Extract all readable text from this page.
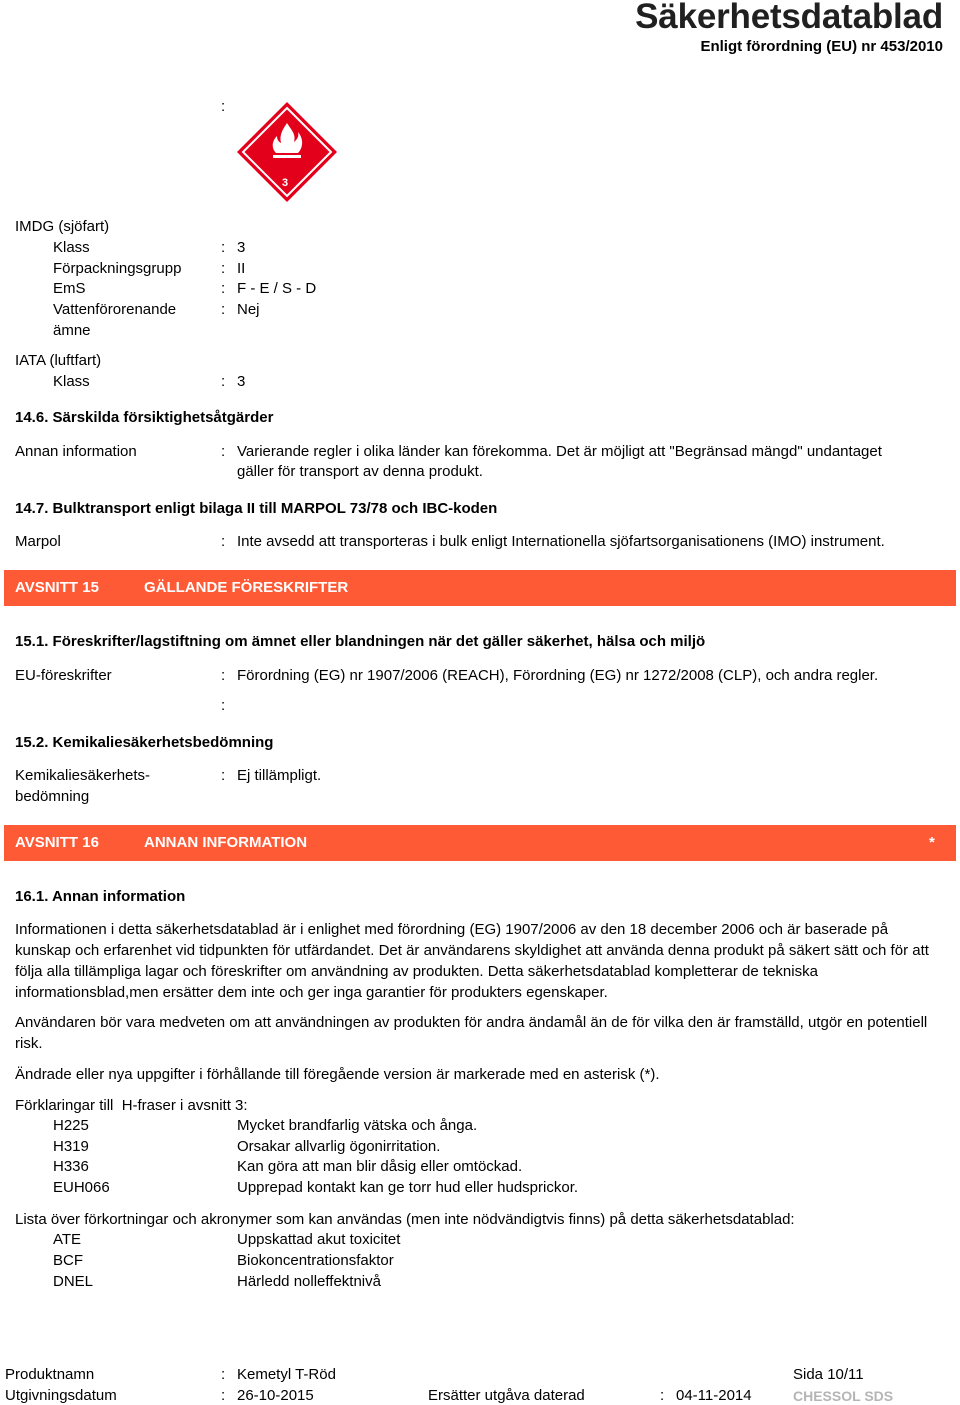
Säkerhetsdatablad
Enligt förordning (EU) nr 453/2010
:
3
IMDG (sjöfart)
Klass	: 3
Förpackningsgrupp	: II
EmS	: F - E / S - D
Vattenförorenande
ämne
: Nej
IATA (luftfart)
Klass	: 3
14.6. Särskilda försiktighetsåtgärder
Annan information	: Varierande regler i olika länder kan förekomma. Det är möjligt att "Begränsad mängd" undantaget
gäller för transport av denna produkt.
14.7. Bulktransport enligt bilaga II till MARPOL 73/78 och IBC-koden
Marpol	: Inte avsedd att transporteras i bulk enligt Internationella sjöfartsorganisationens (IMO) instrument.
AVSNITT 15	GÄLLANDE FÖRESKRIFTER
15.1. Föreskrifter/lagstiftning om ämnet eller blandningen när det gäller säkerhet, hälsa och miljö
EU-föreskrifter	: Förordning (EG) nr 1907/2006 (REACH), Förordning (EG) nr 1272/2008 (CLP), och andra regler.
:
15.2. Kemikaliesäkerhetsbedömning
Kemikaliesäkerhets-
bedömning
: Ej tillämpligt.
AVSNITT 16	ANNAN INFORMATION	*
16.1. Annan information
Informationen i detta säkerhetsdatablad är i enlighet med förordning (EG) 1907/2006 av den 18 december 2006 och är baserade på kunskap och erfarenhet vid tidpunkten för utfärdandet. Det är användarens skyldighet att använda denna produkt på säkert sätt och för att följa alla tillämpliga lagar och föreskrifter om användning av produkten. Detta säkerhetsdatablad kompletterar de tekniska informationsblad,men ersätter dem inte och ger inga garantier för produkters egenskaper.
Användaren bör vara medveten om att användningen av produkten för andra ändamål än de för vilka den är framställd, utgör en potentiell risk.
Ändrade eller nya uppgifter i förhållande till föregående version är markerade med en asterisk (*).
Förklaringar till  H-fraser i avsnitt 3:
H225	Mycket brandfarlig vätska och ånga.
H319	Orsakar allvarlig ögonirritation.
H336	Kan göra att man blir dåsig eller omtöckad.
EUH066	Upprepad kontakt kan ge torr hud eller hudsprickor.
Lista över förkortningar och akronymer som kan användas (men inte nödvändigtvis finns) på detta säkerhetsdatablad:
ATE	Uppskattad akut toxicitet
BCF	Biokoncentrationsfaktor
DNEL	Härledd nolleffektnivå
Produktnamn	: Kemetyl T-Röd	Sida 10/11
Utgivningsdatum	: 26-10-2015	Ersätter utgåva daterad	: 04-11-2014	CHESSOL SDS
